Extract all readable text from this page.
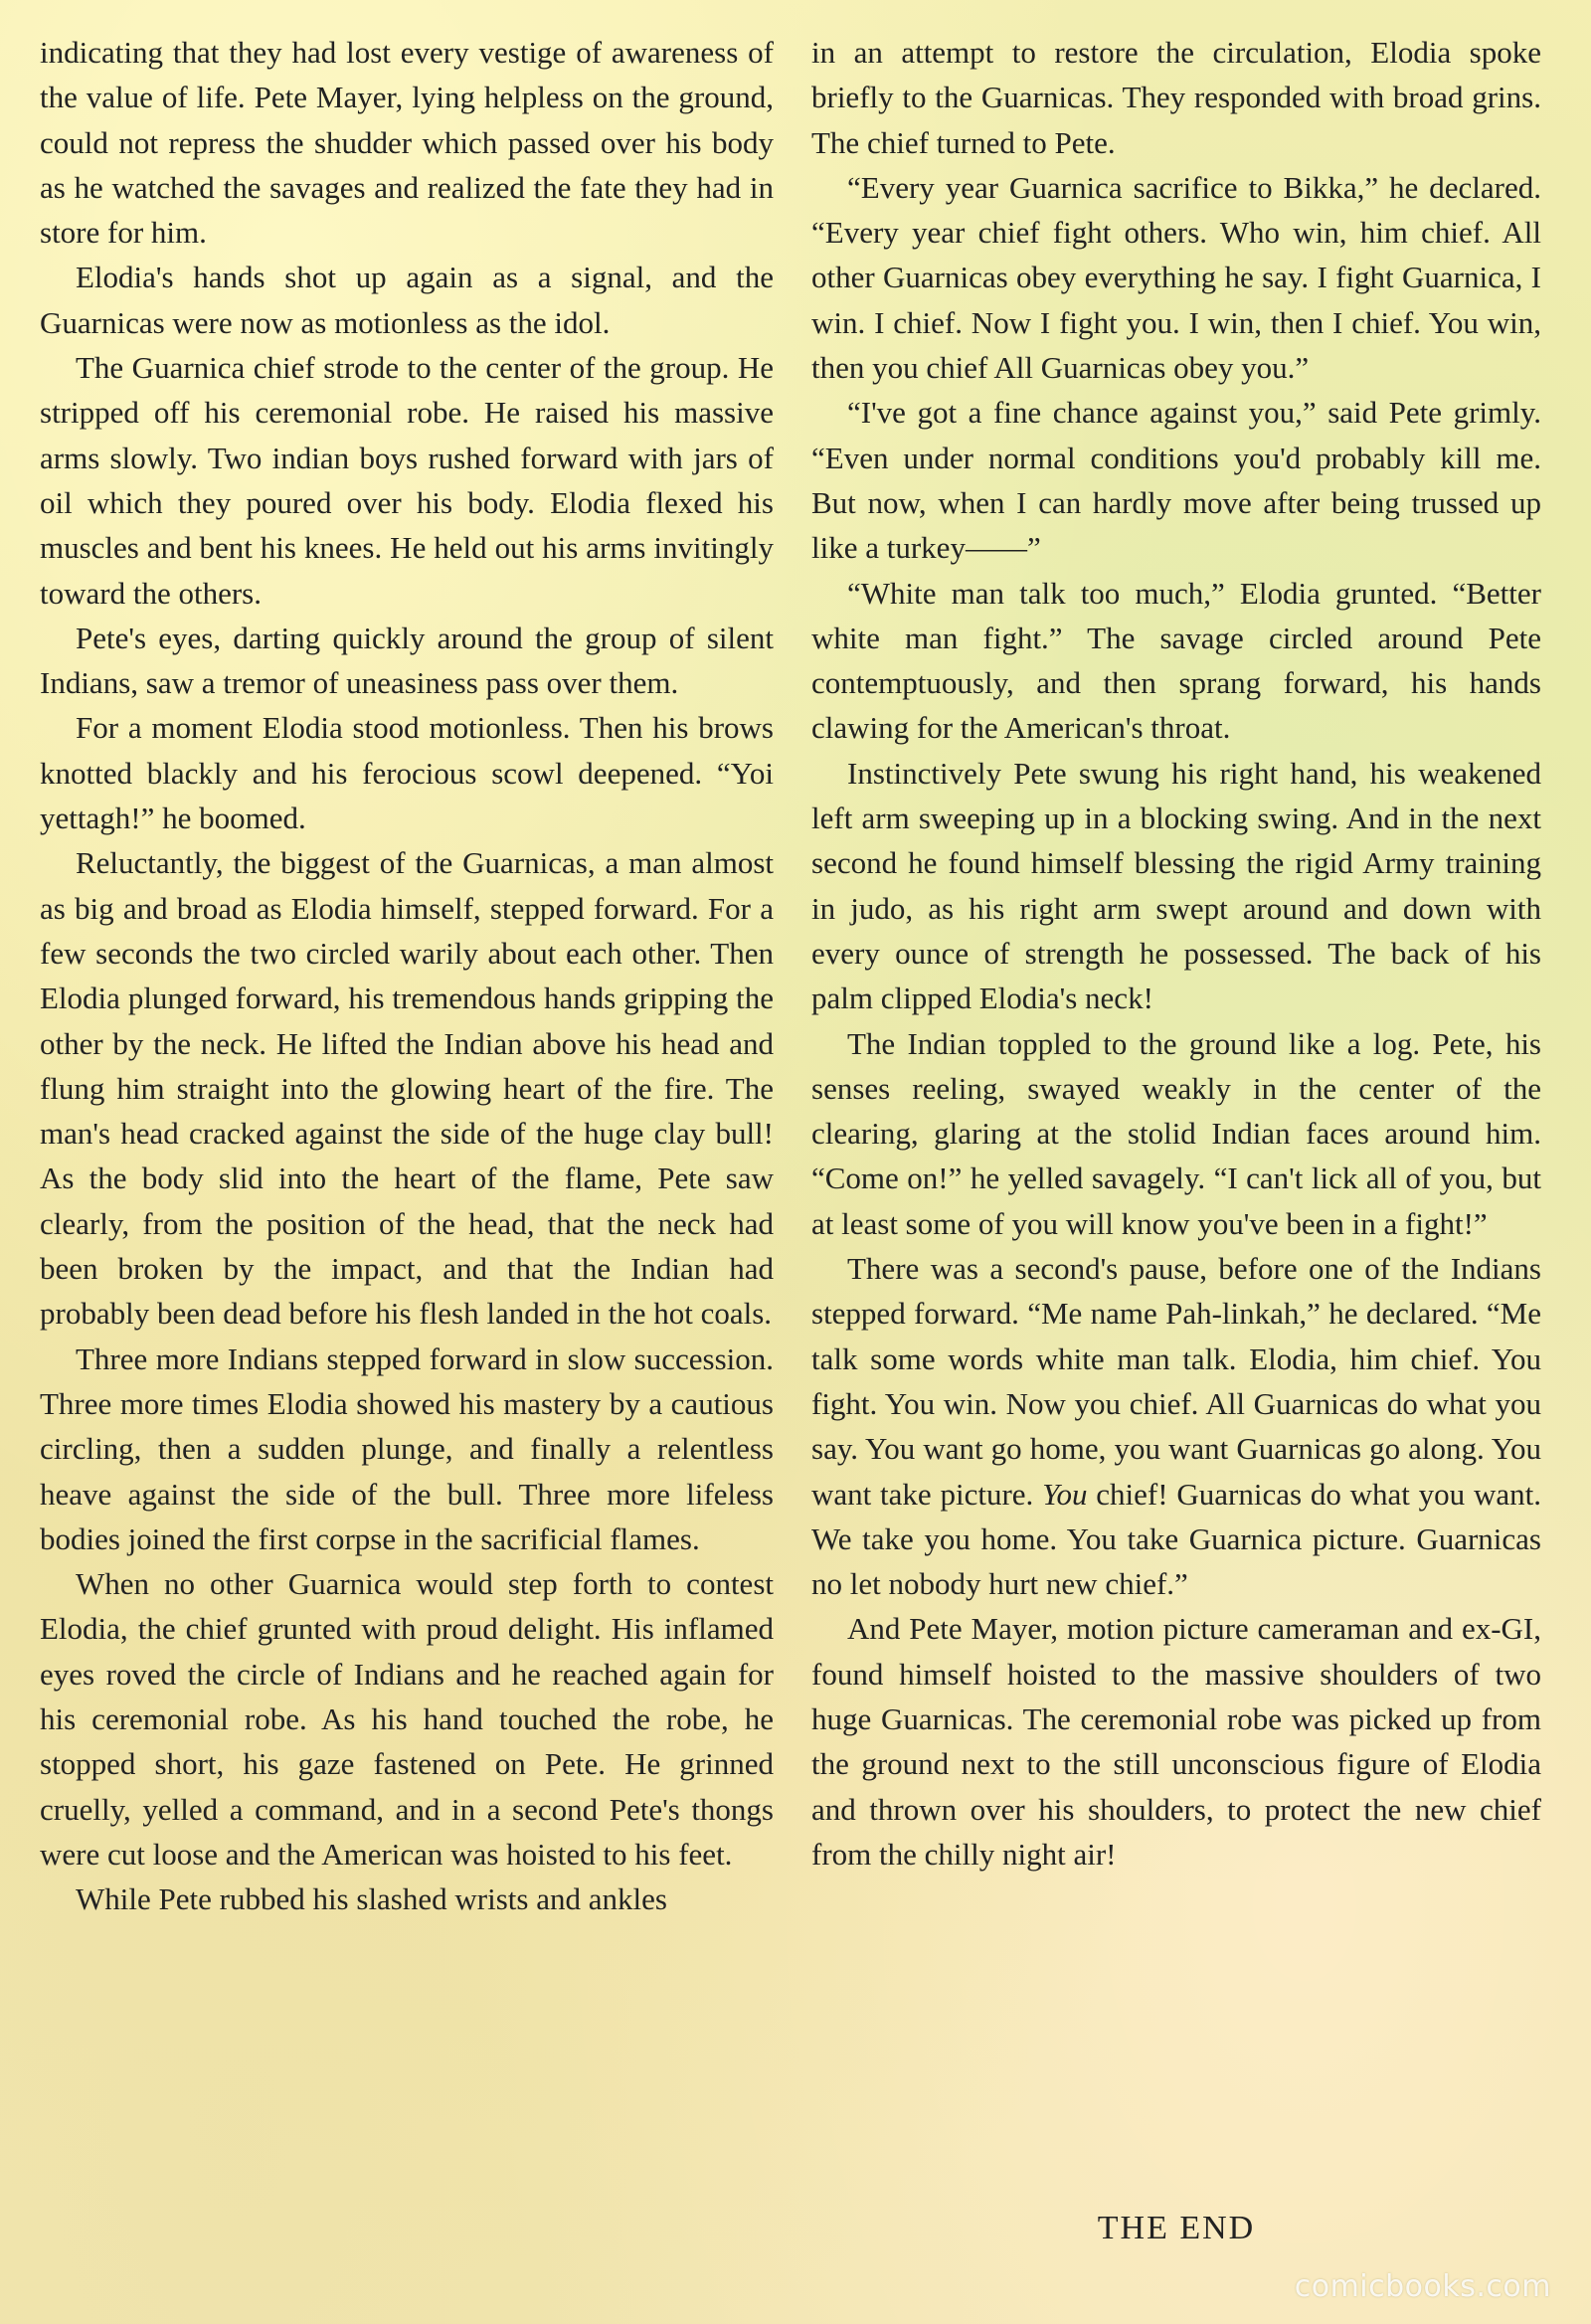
indicating that they had lost every vestige of awareness of the value of life. Pete Mayer, lying helpless on the ground, could not repress the shudder which passed over his body as he watched the savages and realized the fate they had in store for him.

Elodia's hands shot up again as a signal, and the Guarnicas were now as motionless as the idol.

The Guarnica chief strode to the center of the group. He stripped off his ceremonial robe. He raised his massive arms slowly. Two indian boys rushed forward with jars of oil which they poured over his body. Elodia flexed his muscles and bent his knees. He held out his arms invitingly toward the others.

Pete's eyes, darting quickly around the group of silent Indians, saw a tremor of uneasiness pass over them.

For a moment Elodia stood motionless. Then his brows knotted blackly and his ferocious scowl deepened. “Yoi yettagh!” he boomed.

Reluctantly, the biggest of the Guarnicas, a man almost as big and broad as Elodia himself, stepped forward. For a few seconds the two circled warily about each other. Then Elodia plunged forward, his tremendous hands gripping the other by the neck. He lifted the Indian above his head and flung him straight into the glowing heart of the fire. The man's head cracked against the side of the huge clay bull! As the body slid into the heart of the flame, Pete saw clearly, from the position of the head, that the neck had been broken by the impact, and that the Indian had probably been dead before his flesh landed in the hot coals.

Three more Indians stepped forward in slow succession. Three more times Elodia showed his mastery by a cautious circling, then a sudden plunge, and finally a relentless heave against the side of the bull. Three more lifeless bodies joined the first corpse in the sacrificial flames.

When no other Guarnica would step forth to contest Elodia, the chief grunted with proud delight. His inflamed eyes roved the circle of Indians and he reached again for his ceremonial robe. As his hand touched the robe, he stopped short, his gaze fastened on Pete. He grinned cruelly, yelled a command, and in a second Pete's thongs were cut loose and the American was hoisted to his feet.

While Pete rubbed his slashed wrists and ankles

in an attempt to restore the circulation, Elodia spoke briefly to the Guarnicas. They responded with broad grins. The chief turned to Pete.

“Every year Guarnica sacrifice to Bikka,” he declared. “Every year chief fight others. Who win, him chief. All other Guarnicas obey everything he say. I fight Guarnica, I win. I chief. Now I fight you. I win, then I chief. You win, then you chief All Guarnicas obey you.”

“I've got a fine chance against you,” said Pete grimly. “Even under normal conditions you'd probably kill me. But now, when I can hardly move after being trussed up like a turkey——”

“White man talk too much,” Elodia grunted. “Better white man fight.” The savage circled around Pete contemptuously, and then sprang forward, his hands clawing for the American's throat.

Instinctively Pete swung his right hand, his weakened left arm sweeping up in a blocking swing. And in the next second he found himself blessing the rigid Army training in judo, as his right arm swept around and down with every ounce of strength he possessed. The back of his palm clipped Elodia's neck!

The Indian toppled to the ground like a log. Pete, his senses reeling, swayed weakly in the center of the clearing, glaring at the stolid Indian faces around him. “Come on!” he yelled savagely. “I can't lick all of you, but at least some of you will know you've been in a fight!”

There was a second's pause, before one of the Indians stepped forward. “Me name Pah-linkah,” he declared. “Me talk some words white man talk. Elodia, him chief. You fight. You win. Now you chief. All Guarnicas do what you say. You want go home, you want Guarnicas go along. You want take picture. You chief! Guarnicas do what you want. We take you home. You take Guarnica picture. Guarnicas no let nobody hurt new chief.”

And Pete Mayer, motion picture cameraman and ex-GI, found himself hoisted to the massive shoulders of two huge Guarnicas. The ceremonial robe was picked up from the ground next to the still unconscious figure of Elodia and thrown over his shoulders, to protect the new chief from the chilly night air!

THE END
comicbooks.com
